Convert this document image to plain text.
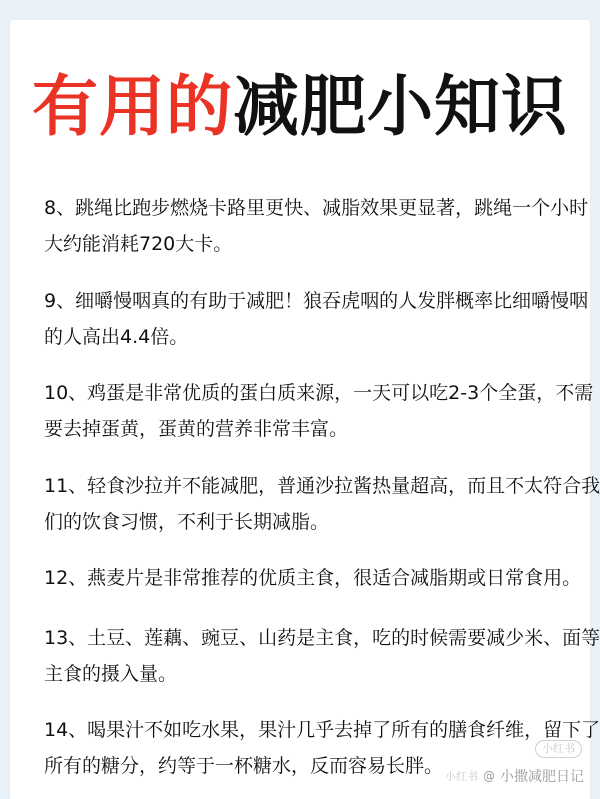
有用的减肥小知识

8、跳绳比跑步燃烧卡路里更快、减脂效果更显著，跳绳一个小时

大约能消耗720大卡。

9、细嚼慢咽真的有助于减肥！狼吞虎咽的人发胖概率比细嚼慢咽

的人高出4.4倍。

10、鸡蛋是非常优质的蛋白质来源，一天可以吃2-3个全蛋，不需

要去掉蛋黄，蛋黄的营养非常丰富。

11、轻食沙拉并不能减肥，普通沙拉酱热量超高，而且不太符合我

们的饮食习惯，不利于长期减脂。

12、燕麦片是非常推荐的优质主食，很适合减脂期或日常食用。

13、土豆、莲藕、豌豆、山药是主食，吃的时候需要减少米、面等

主食的摄入量。

14、喝果汁不如吃水果，果汁几乎去掉了所有的膳食纤维，留下了

所有的糖分，约等于一杯糖水，反而容易长胖。

小红书
小红书 @ 小撒减肥日记
